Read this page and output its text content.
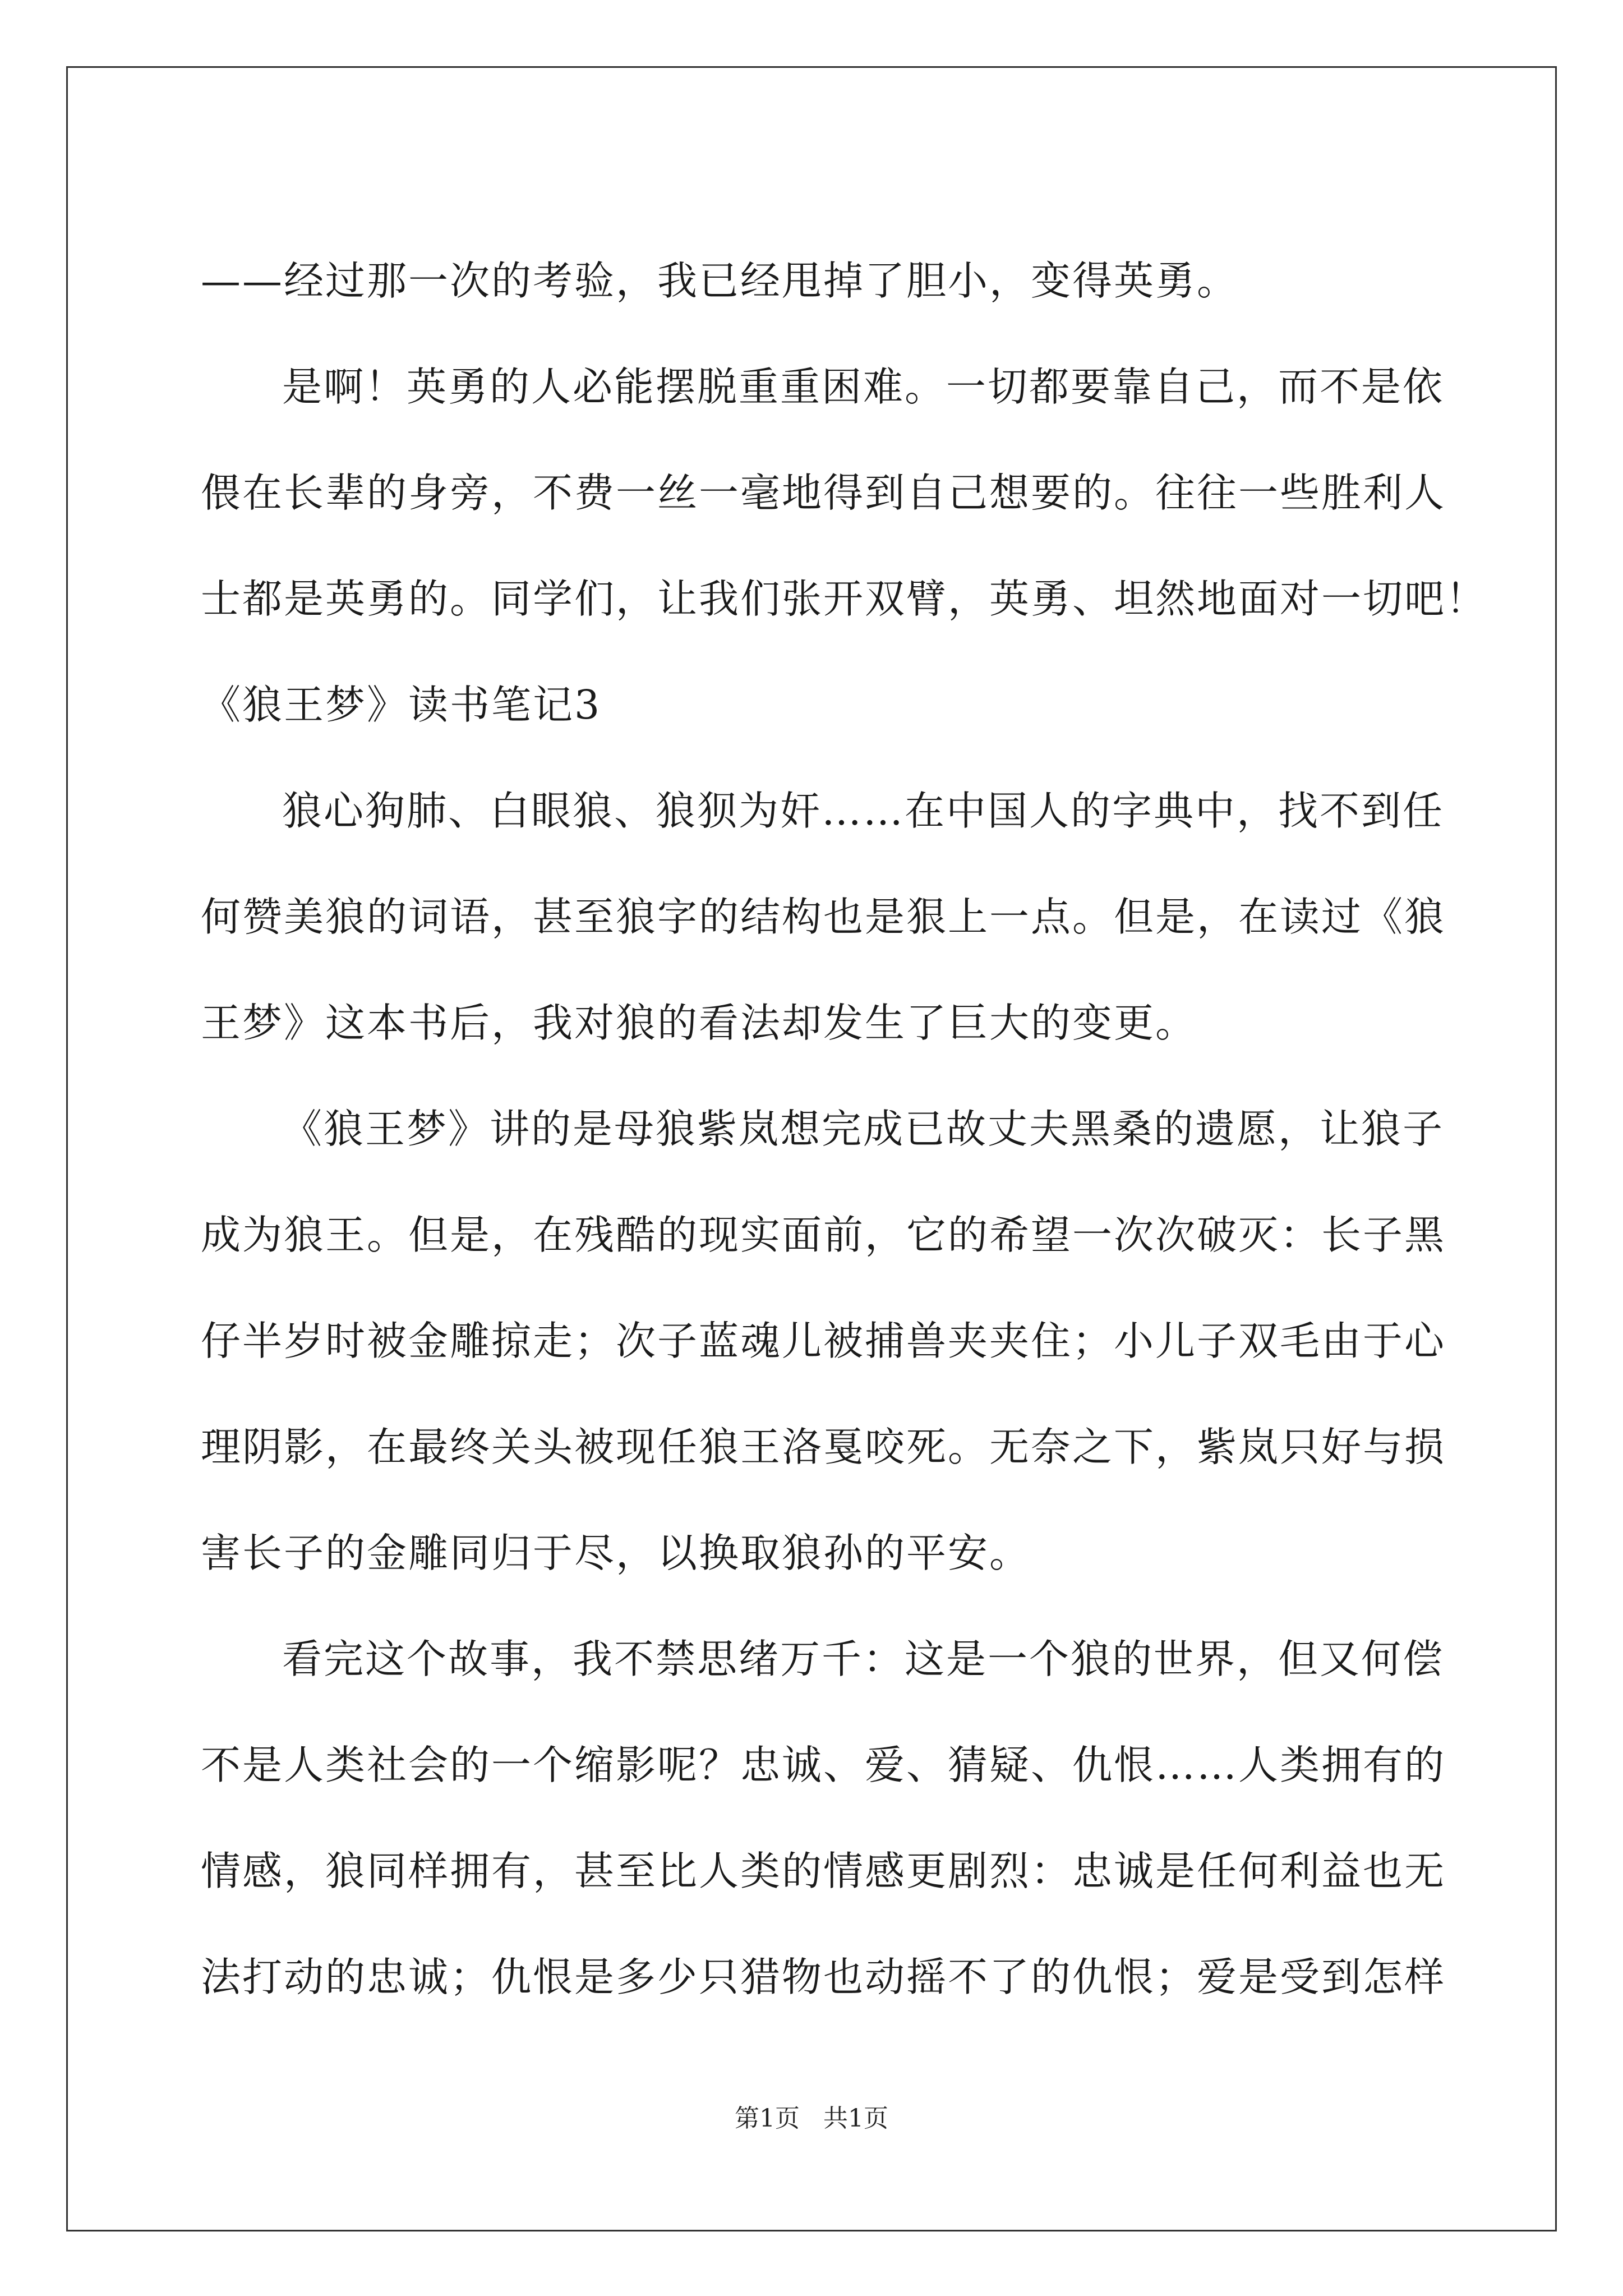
——经过那一次的考验，我已经甩掉了胆小，变得英勇。
是啊！英勇的人必能摆脱重重困难。一切都要靠自己，而不是依
偎在长辈的身旁，不费一丝一毫地得到自己想要的。往往一些胜利人
士都是英勇的。同学们，让我们张开双臂，英勇、坦然地面对一切吧！
《狼王梦》读书笔记3
狼心狗肺、白眼狼、狼狈为奸……在中国人的字典中，找不到任
何赞美狼的词语，甚至狼字的结构也是狠上一点。但是，在读过《狼
王梦》这本书后，我对狼的看法却发生了巨大的变更。
《狼王梦》讲的是母狼紫岚想完成已故丈夫黑桑的遗愿，让狼子
成为狼王。但是，在残酷的现实面前，它的希望一次次破灭：长子黑
仔半岁时被金雕掠走；次子蓝魂儿被捕兽夹夹住；小儿子双毛由于心
理阴影，在最终关头被现任狼王洛戛咬死。无奈之下，紫岚只好与损
害长子的金雕同归于尽，以换取狼孙的平安。
看完这个故事，我不禁思绪万千：这是一个狼的世界，但又何偿
不是人类社会的一个缩影呢？忠诚、爱、猜疑、仇恨……人类拥有的
情感，狼同样拥有，甚至比人类的情感更剧烈：忠诚是任何利益也无
法打动的忠诚；仇恨是多少只猎物也动摇不了的仇恨；爱是受到怎样
第1页 共1页
